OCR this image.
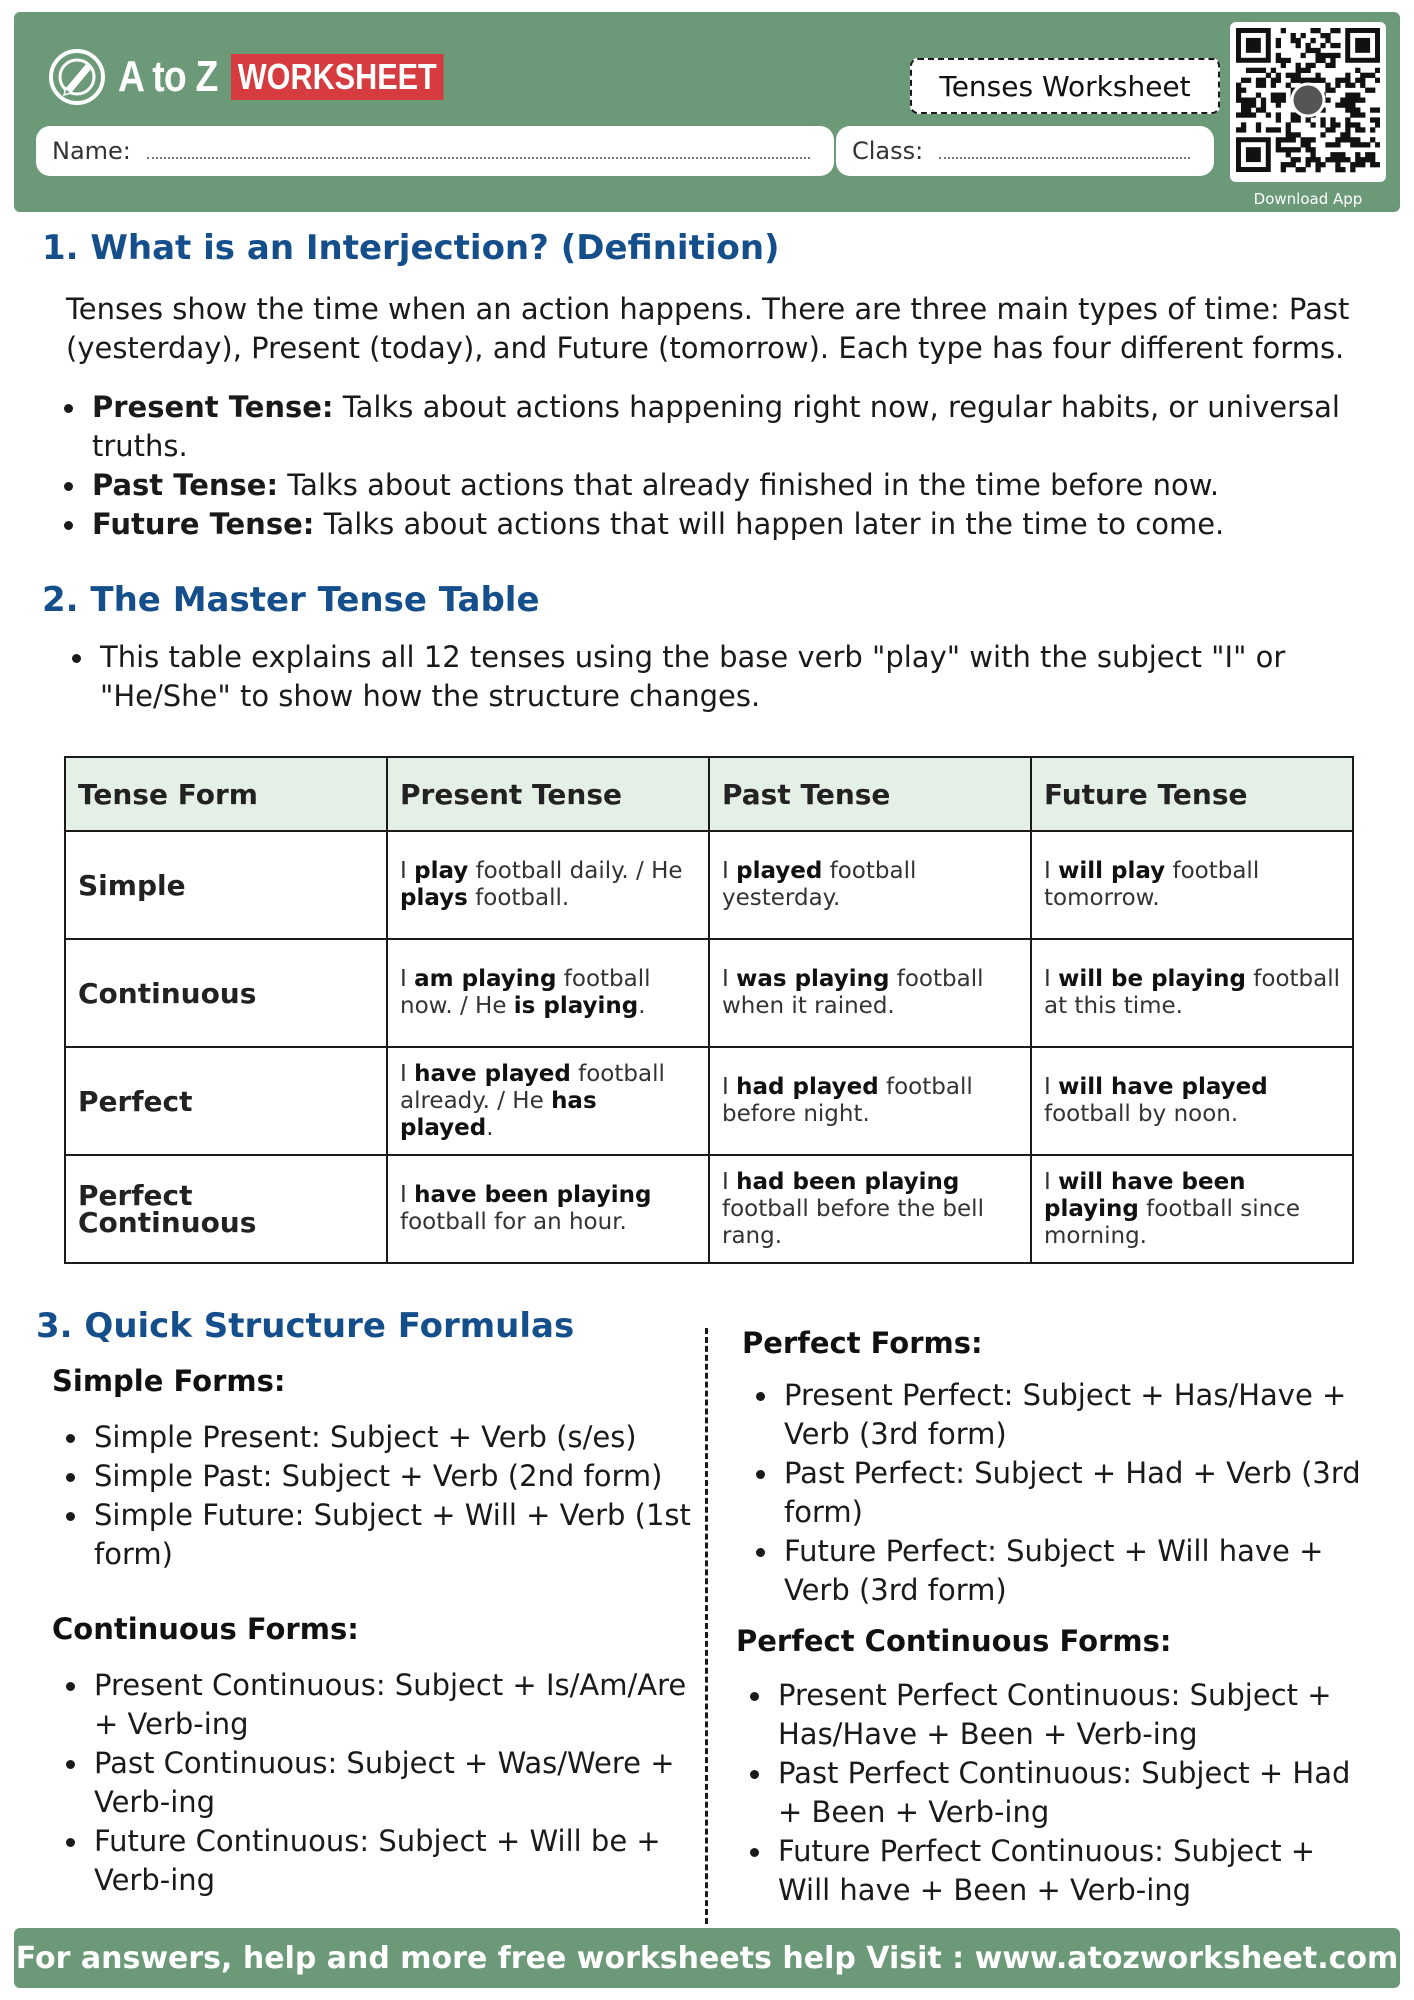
A to Z WORKSHEET	Tenses Worksheet
Name:	Class:
Download App
1. What is an Interjection? (Definition)

Tenses show the time when an action happens. There are three main types of time: Past (yesterday), Present (today), and Future (tomorrow). Each type has four different forms.

Present Tense: Talks about actions happening right now, regular habits, or universal truths.
Past Tense: Talks about actions that already finished in the time before now.
Future Tense: Talks about actions that will happen later in the time to come.
2. The Master Tense Table
This table explains all 12 tenses using the base verb "play" with the subject "I" or "He/She" to show how the structure changes.
Tense Form	Present Tense	Past Tense	Future Tense
Simple	I play football daily. / He plays football.	I played football yesterday.	I will play football tomorrow.
Continuous	I am playing football now. / He is playing.	I was playing football when it rained.	I will be playing football at this time.
Perfect	I have played football already. / He has played.	I had played football before night.	I will have played football by noon.
Perfect Continuous	I have been playing football for an hour.	I had been playing football before the bell rang.	I will have been playing football since morning.
3. Quick Structure Formulas
Simple Forms:
Simple Present: Subject + Verb (s/es)
Simple Past: Subject + Verb (2nd form)
Simple Future: Subject + Will + Verb (1st form)
Continuous Forms:
Present Continuous: Subject + Is/Am/Are + Verb-ing
Past Continuous: Subject + Was/Were + Verb-ing
Future Continuous: Subject + Will be + Verb-ing
Perfect Forms:
Present Perfect: Subject + Has/Have + Verb (3rd form)
Past Perfect: Subject + Had + Verb (3rd form)
Future Perfect: Subject + Will have + Verb (3rd form)
Perfect Continuous Forms:
Present Perfect Continuous: Subject + Has/Have + Been + Verb-ing
Past Perfect Continuous: Subject + Had + Been + Verb-ing
Future Perfect Continuous: Subject + Will have + Been + Verb-ing
For answers, help and more free worksheets help Visit : www.atozworksheet.com
